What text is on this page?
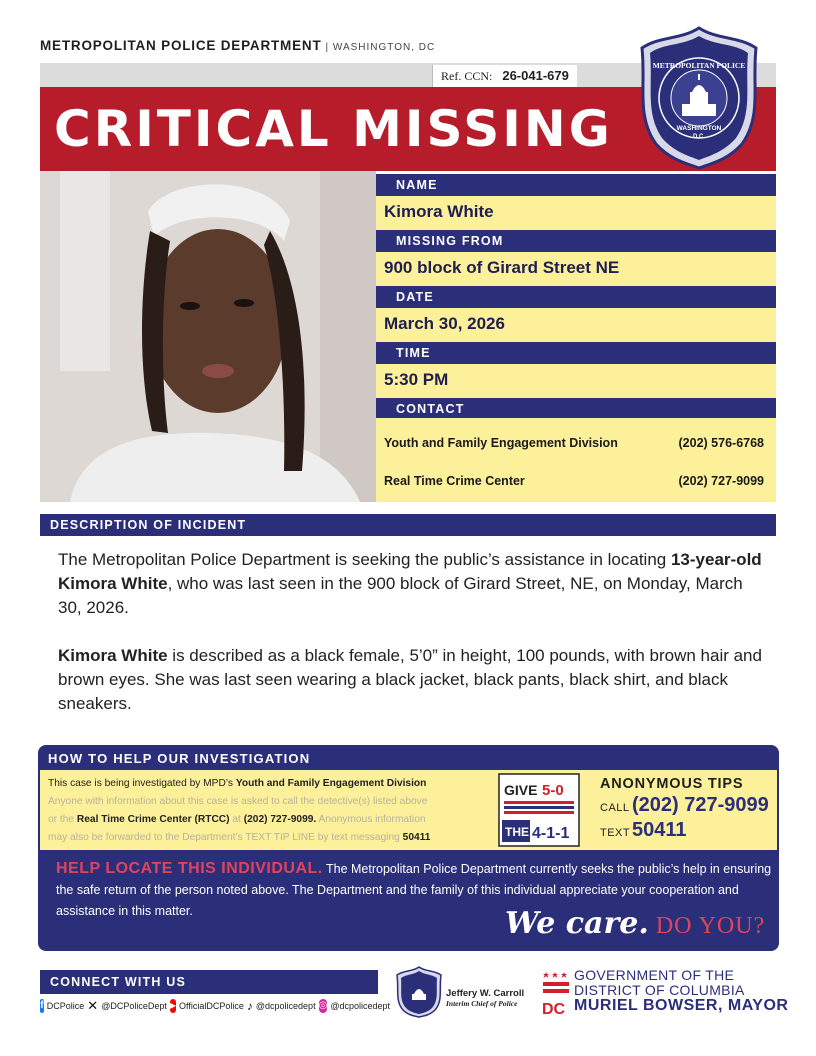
METROPOLITAN POLICE DEPARTMENT | WASHINGTON, DC
Ref. CCN: 26-041-679
CRITICAL MISSING
METROPOLITAN POLICE
WASHINGTON
D.C.
NAME
Kimora White
MISSING FROM
900 block of Girard Street NE
DATE
March 30, 2026
TIME
5:30 PM
CONTACT
Youth and Family Engagement Division	(202) 576-6768
Real Time Crime Center	(202) 727-9099
DESCRIPTION OF INCIDENT

The Metropolitan Police Department is seeking the public’s assistance in locating 13-year-old Kimora White, who was last seen in the 900 block of Girard Street, NE, on Monday, March 30, 2026.

Kimora White is described as a black female, 5’0” in height, 100 pounds, with brown hair and brown eyes. She was last seen wearing a black jacket, black pants, black shirt, and black sneakers.

HOW TO HELP OUR INVESTIGATION
This case is being investigated by MPD’s Youth and Family Engagement Division
Anyone with information about this case is asked to call the detective(s) listed above
or the Real Time Crime Center (RTCC) at (202) 727-9099. Anonymous information
may also be forwarded to the Department’s TEXT TIP LINE by text messaging 50411
GIVE 5-0
THE 4-1-1
ANONYMOUS TIPS
CALL (202) 727-9099
TEXT50411
HELP LOCATE THIS INDIVIDUAL. The Metropolitan Police Department currently seeks the public’s help in ensuring the safe return of the person noted above. The Department and the family of this individual appreciate your cooperation and assistance in this matter.	We care. DO YOU?
CONNECT WITH US
f DCPolice ✕ @DCPoliceDept ▶ OfficialDCPolice ♪ @dcpolicedept ◎ @dcpolicedept
Jeffery W. Carroll
Interim Chief of Police	DC
GOVERNMENT OF THE
DISTRICT OF COLUMBIA
MURIEL BOWSER, MAYOR
